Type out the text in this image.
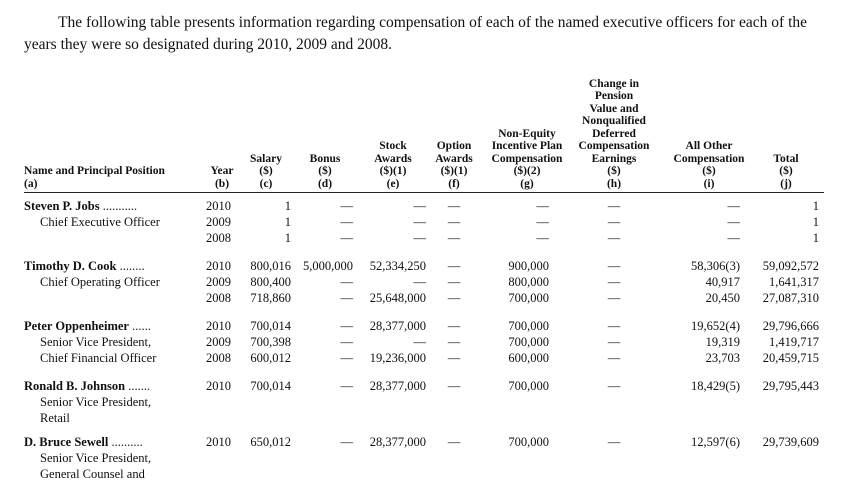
The following table presents information regarding compensation of each of the named executive officers for each of the years they were so designated during 2010, 2009 and 2008.

Name and Principal Position
(a)
Year
(b)
Salary
($)
(c)
Bonus
($)
(d)
Stock
Awards
($)(1)
(e)
Option
Awards
($)(1)
(f)
Non-Equity
Incentive Plan
Compensation
($)(2)
(g)
Change in
Pension
Value and
Nonqualified
Deferred
Compensation
Earnings
($)
(h)
All Other
Compensation
($)
(i)
Total
($)
(j)
Steven P. Jobs ...........
Chief Executive Officer
2010	1	—	—	—	—	—	—	1
2009	1	—	—	—	—	—	—	1
2008	1	—	—	—	—	—	—	1
Timothy D. Cook ........
Chief Operating Officer
2010	800,016 5,000,000	52,334,250	—	900,000	—	58,306(3)	59,092,572
2009	800,400	—	—	—	800,000	—	40,917	1,641,317
2008	718,860	—	25,648,000	—	700,000	—	20,450	27,087,310
Peter Oppenheimer ......
Senior Vice President,
Chief Financial Officer
2010	700,014	—	28,377,000	—	700,000	—	19,652(4)	29,796,666
2009	700,398	—	—	—	700,000	—	19,319	1,419,717
2008	600,012	—	19,236,000	—	600,000	—	23,703	20,459,715
Ronald B. Johnson .......
Senior Vice President,
Retail
2010	700,014	—	28,377,000	—	700,000	—	18,429(5)	29,795,443
D. Bruce Sewell ..........
Senior Vice President,
General Counsel and
2010	650,012	—	28,377,000	—	700,000	—	12,597(6)	29,739,609
